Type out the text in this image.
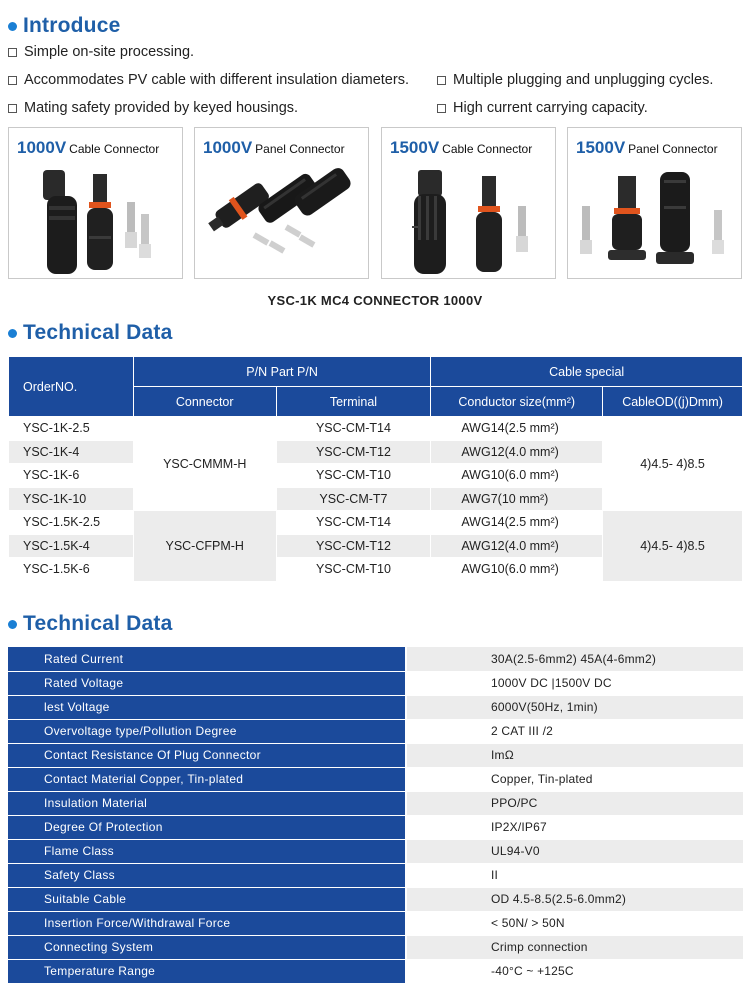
Introduce
Simple on-site processing.
Accommodates PV cable with different insulation diameters.	Multiple plugging and unplugging cycles.
Mating safety provided by keyed housings.	High current carrying capacity.
1000V Cable Connector	1000V Panel Connector	1500V Cable Connector	1500V Panel Connector
YSC-1K MC4 CONNECTOR 1000V
Technical Data
OrderNO.	P/N Part P/N		Cable special	
	Connector	Terminal	Conductor size(mm²)	CableOD((j)Dmm)
YSC-1K-2.5	YSC-CMMM-H	YSC-CM-T14	AWG14(2.5 mm²)	4)4.5- 4)8.5
YSC-1K-4		YSC-CM-T12	AWG12(4.0 mm²)	
YSC-1K-6		YSC-CM-T10	AWG10(6.0 mm²)	
YSC-1K-10		YSC-CM-T7	AWG7(10 mm²)	
YSC-1.5K-2.5	YSC-CFPM-H	YSC-CM-T14	AWG14(2.5 mm²)	4)4.5- 4)8.5
YSC-1.5K-4		YSC-CM-T12	AWG12(4.0 mm²)	
YSC-1.5K-6		YSC-CM-T10	AWG10(6.0 mm²)	
Technical Data
Rated Current	30A(2.5-6mm2) 45A(4-6mm2)
Rated Voltage	1000V DC |1500V DC
lest Voltage	6000V(50Hz, 1min)
Overvoltage type/Pollution Degree	2 CAT III /2
Contact Resistance Of Plug Connector	ImΩ
Contact Material Copper, Tin-plated	Copper, Tin-plated
Insulation Material	PPO/PC
Degree Of Protection	IP2X/IP67
Flame Class	UL94-V0
Safety Class	II
Suitable Cable	OD 4.5-8.5(2.5-6.0mm2)
Insertion Force/Withdrawal Force	< 50N/ > 50N
Connecting System	Crimp connection
Temperature Range	-40°C ~ +125C
